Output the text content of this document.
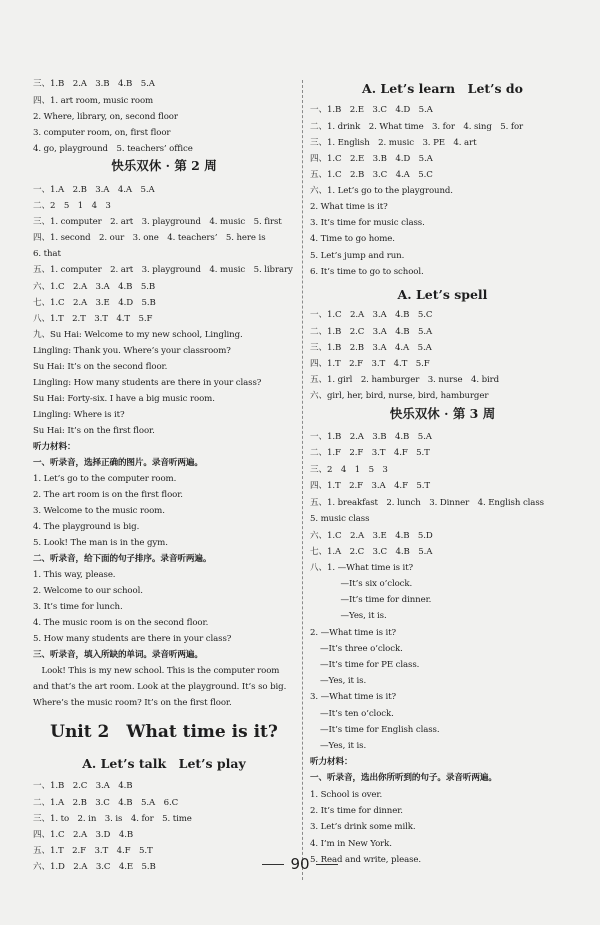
三、1.B　2.A　3.B　4.B　5.A
四、1. art room, music room
2. Where, library, on, second floor
3. computer room, on, first floor
4. go, playground　5. teachers’ office
快乐双休 · 第 2 周
一、1.A　2.B　3.A　4.A　5.A
二、2　5　1　4　3
三、1. computer　2. art　3. playground　4. music　5. first
四、1. second　2. our　3. one　4. teachers’　5. here is
6. that
五、1. computer　2. art　3. playground　4. music　5. library
六、1.C　2.A　3.A　4.B　5.B
七、1.C　2.A　3.E　4.D　5.B
八、1.T　2.T　3.T　4.T　5.F
九、Su Hai: Welcome to my new school, Lingling.
Lingling: Thank you. Where’s your classroom?
Su Hai: It’s on the second floor.
Lingling: How many students are there in your class?
Su Hai: Forty-six. I have a big music room.
Lingling: Where is it?
Su Hai: It’s on the first floor.
听力材料：
一、听录音，选择正确的图片。录音听两遍。
1. Let’s go to the computer room.
2. The art room is on the first floor.
3. Welcome to the music room.
4. The playground is big.
5. Look! The man is in the gym.
二、听录音，给下面的句子排序。录音听两遍。
1. This way, please.
2. Welcome to our school.
3. It’s time for lunch.
4. The music room is on the second floor.
5. How many students are there in your class?
三、听录音，填入所缺的单词。录音听两遍。
　Look! This is my new school. This is the computer room
and that’s the art room. Look at the playground. It’s so big.
Where’s the music room? It’s on the first floor.
Unit 2　What time is it?
A. Let’s talk　Let’s play
一、1.B　2.C　3.A　4.B
二、1.A　2.B　3.C　4.B　5.A　6.C
三、1. to　2. in　3. is　4. for　5. time
四、1.C　2.A　3.D　4.B
五、1.T　2.F　3.T　4.F　5.T
六、1.D　2.A　3.C　4.E　5.B
A. Let’s learn　Let’s do
一、1.B　2.E　3.C　4.D　5.A
二、1. drink　2. What time　3. for　4. sing　5. for
三、1. English　2. music　3. PE　4. art
四、1.C　2.E　3.B　4.D　5.A
五、1.C　2.B　3.C　4.A　5.C
六、1. Let’s go to the playground.
2. What time is it?
3. It’s time for music class.
4. Time to go home.
5. Let’s jump and run.
6. It’s time to go to school.
A. Let’s spell
一、1.C　2.A　3.A　4.B　5.C
二、1.B　2.C　3.A　4.B　5.A
三、1.B　2.B　3.A　4.A　5.A
四、1.T　2.F　3.T　4.T　5.F
五、1. girl　2. hamburger　3. nurse　4. bird
六、girl, her, bird, nurse, bird, hamburger
快乐双休 · 第 3 周
一、1.B　2.A　3.B　4.B　5.A
二、1.F　2.F　3.T　4.F　5.T
三、2　4　1　5　3
四、1.T　2.F　3.A　4.F　5.T
五、1. breakfast　2. lunch　3. Dinner　4. English class
5. music class
六、1.C　2.A　3.E　4.B　5.D
七、1.A　2.C　3.C　4.B　5.A
八、1. —What time is it?
　—It’s six o’clock.
　—It’s time for dinner.
　—Yes, it is.
2. —What time is it?
—It’s three o’clock.
—It’s time for PE class.
—Yes, it is.
3. —What time is it?
—It’s ten o’clock.
—It’s time for English class.
—Yes, it is.
听力材料：
一、听录音，选出你所听到的句子。录音听两遍。
1. School is over.
2. It’s time for dinner.
3. Let’s drink some milk.
4. I’m in New York.
5. Read and write, please.
90
